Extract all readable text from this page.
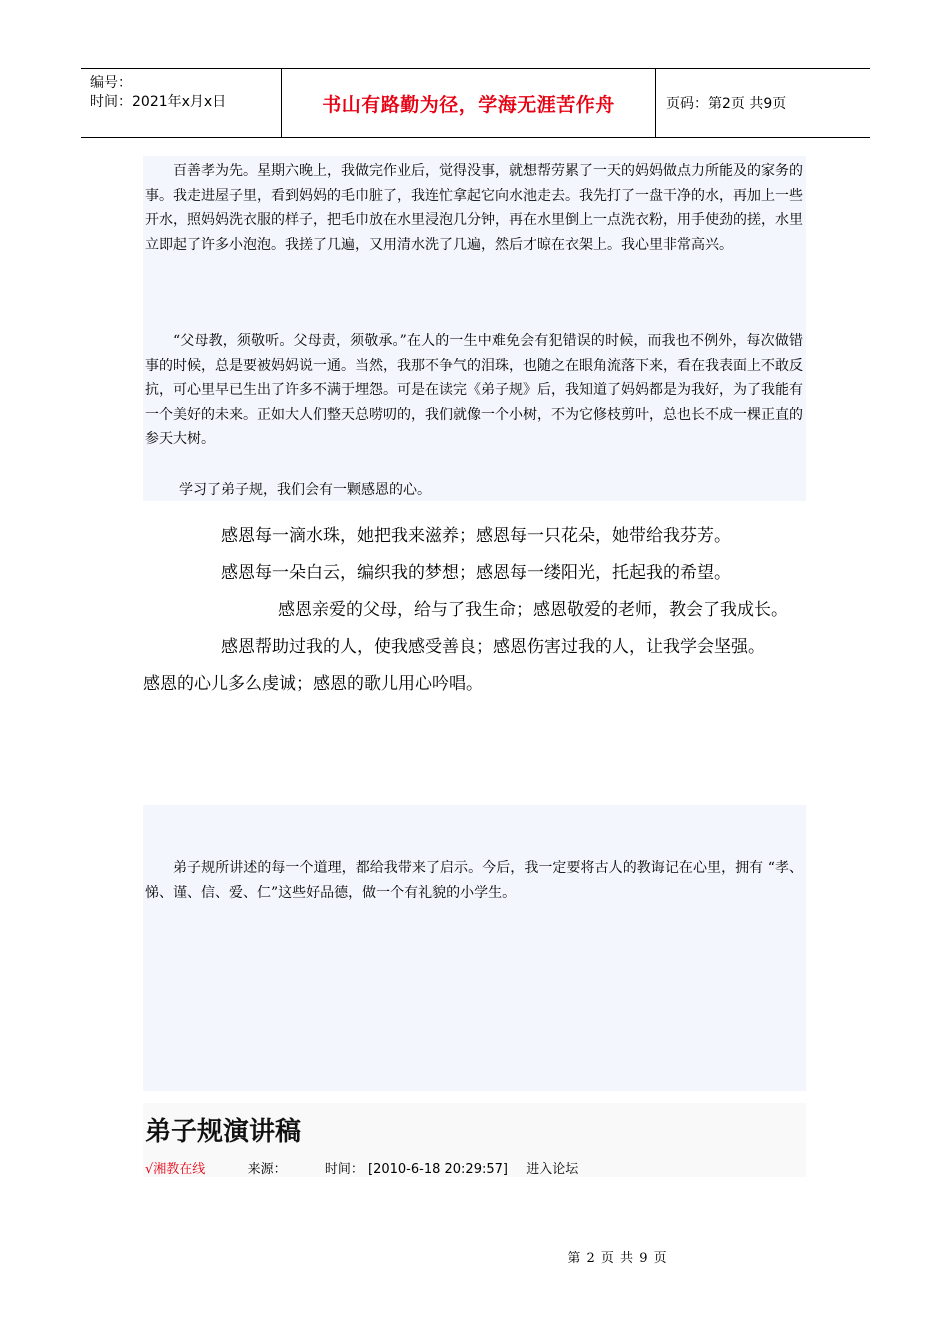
编号：
时间：2021年x月x日	书山有路勤为径，学海无涯苦作舟	页码：第2页 共9页

百善孝为先。星期六晚上，我做完作业后，觉得没事，就想帮劳累了一天的妈妈做点力所能及的家务的事。我走进屋子里，看到妈妈的毛巾脏了，我连忙拿起它向水池走去。我先打了一盘干净的水，再加上一些开水，照妈妈洗衣服的样子，把毛巾放在水里浸泡几分钟，再在水里倒上一点洗衣粉，用手使劲的搓，水里立即起了许多小泡泡。我搓了几遍，又用清水洗了几遍，然后才晾在衣架上。我心里非常高兴。

“父母教，须敬听。父母责，须敬承。”在人的一生中难免会有犯错误的时候，而我也不例外，每次做错事的时候，总是要被妈妈说一通。当然，我那不争气的泪珠，也随之在眼角流落下来，看在我表面上不敢反抗，可心里早已生出了许多不满于埋怨。可是在读完《弟子规》后，我知道了妈妈都是为我好，为了我能有一个美好的未来。正如大人们整天总唠叨的，我们就像一个小树，不为它修枝剪叶，总也长不成一棵正直的参天大树。

学习了弟子规，我们会有一颗感恩的心。

感恩每一滴水珠，她把我来滋养；感恩每一只花朵，她带给我芬芳。

感恩每一朵白云，编织我的梦想；感恩每一缕阳光，托起我的希望。

感恩亲爱的父母，给与了我生命；感恩敬爱的老师，教会了我成长。

感恩帮助过我的人，使我感受善良；感恩伤害过我的人，让我学会坚强。

感恩的心儿多么虔诚；感恩的歌儿用心吟唱。

弟子规所讲述的每一个道理，都给我带来了启示。今后，我一定要将古人的教诲记在心里，拥有 “孝、悌、谨、信、爱、仁”这些好品德，做一个有礼貌的小学生。

弟子规演讲稿
√湘教在线	来源：	时间： [2010-6-18 20:29:57] 进入论坛
第 2 页 共 9 页
